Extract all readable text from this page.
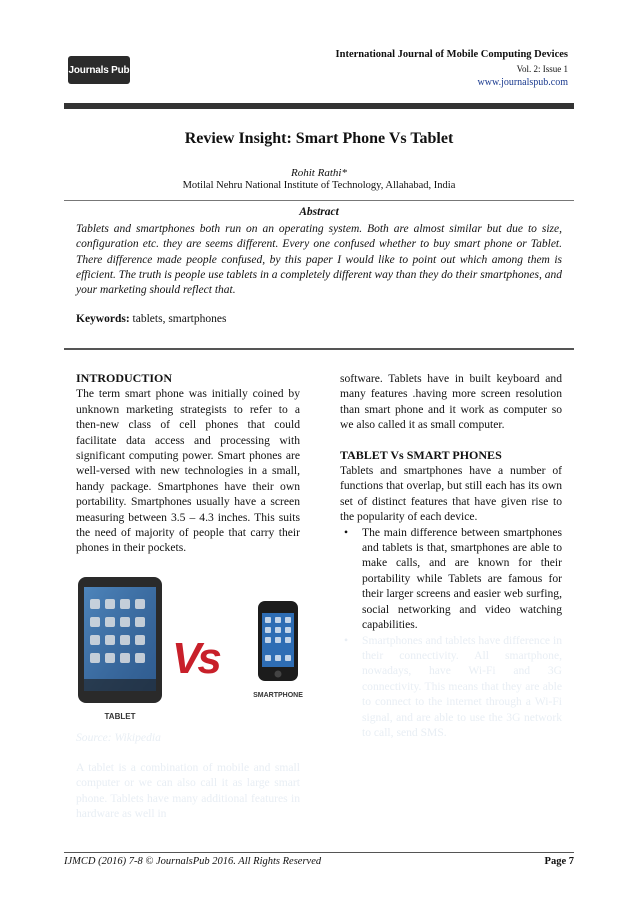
Journals Pub
International Journal of Mobile Computing Devices
Vol. 2: Issue 1
www.journalspub.com
Review Insight: Smart Phone Vs Tablet
Rohit Rathi*
Motilal Nehru National Institute of Technology, Allahabad, India
Abstract
Tablets and smartphones both run on an operating system. Both are almost similar but due to size, configuration etc. they are seems different. Every one confused whether to buy smart phone or Tablet. There difference made people confused, by this paper I would like to point out which among them is efficient. The truth is people use tablets in a completely different way than they do their smartphones, and your marketing should reflect that.
Keywords: tablets, smartphones
INTRODUCTION

The term smart phone was initially coined by unknown marketing strategists to refer to a then-new class of cell phones that could facilitate data access and processing with significant computing power. Smart phones are well-versed with new technologies in a small, handy package. Smartphones have their own portability. Smartphones usually have a screen measuring between 3.5 – 4.3 inches. This suits the need of majority of people that carry their phones in their pockets.

TABLET
Vs
SMARTPHONE
Source: Wikipedia
A tablet is a combination of mobile and small computer or we can also call it as large smart phone. Tablets have many additional features in hardware as well in

software. Tablets have in built keyboard and many features .having more screen resolution than smart phone and it work as computer so we also called it as small computer.

TABLET Vs SMART PHONES

Tablets and smartphones have a number of functions that overlap, but still each has its own set of distinct features that have given rise to the popularity of each device.

• The main difference between smartphones and tablets is that, smartphones are able to make calls, and are known for their portability while Tablets are famous for their larger screens and easier web surfing, social networking and video watching capabilities.
• Smartphones and tablets have difference in their connectivity. All smartphone, nowadays, have Wi-Fi and 3G connectivity. This means that they are able to connect to the internet through a Wi-Fi signal, and are able to use the 3G network to call, send SMS.
IJMCD (2016) 7-8 © JournalsPub 2016. All Rights Reserved	Page 7
